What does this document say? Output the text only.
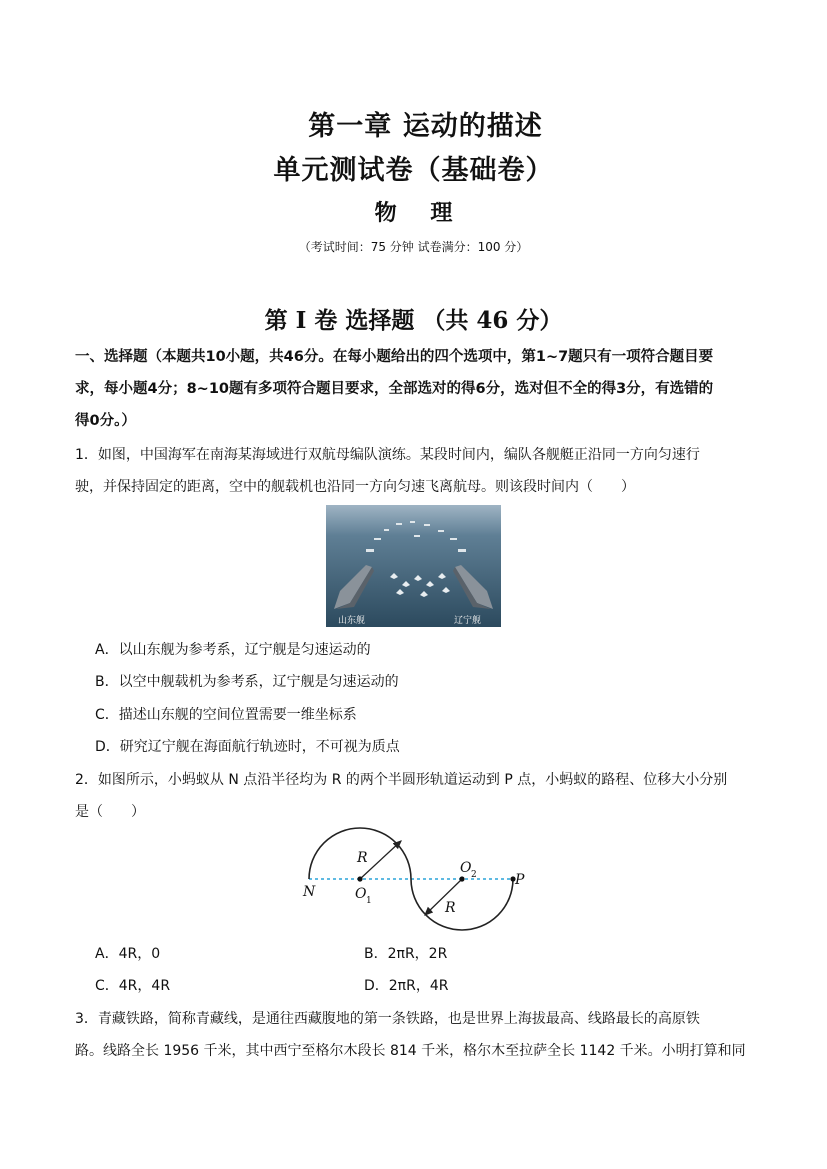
第一章 运动的描述
单元测试卷（基础卷）
物 理
（考试时间：75 分钟 试卷满分：100 分）
第 Ⅰ 卷 选择题 （共 46 分）
一、选择题（本题共10小题，共46分。在每小题给出的四个选项中，第1~7题只有一项符合题目要
求，每小题4分；8~10题有多项符合题目要求，全部选对的得6分，选对但不全的得3分，有选错的
得0分。）
1．如图，中国海军在南海某海域进行双航母编队演练。某段时间内，编队各舰艇正沿同一方向匀速行
驶，并保持固定的距离，空中的舰载机也沿同一方向匀速飞离航母。则该段时间内（　　）
山东舰	辽宁舰
A．以山东舰为参考系，辽宁舰是匀速运动的
B．以空中舰载机为参考系，辽宁舰是匀速运动的
C．描述山东舰的空间位置需要一维坐标系
D．研究辽宁舰在海面航行轨迹时，不可视为质点
2．如图所示，小蚂蚁从 N 点沿半径均为 R 的两个半圆形轨道运动到 P 点，小蚂蚁的路程、位移大小分别
是（　　）
N	O 1
O 2	P
R
R
A．4R，0	B．2πR，2R
C．4R，4R	D．2πR，4R
3．青藏铁路，简称青藏线，是通往西藏腹地的第一条铁路，也是世界上海拔最高、线路最长的高原铁
路。线路全长 1956 千米，其中西宁至格尔木段长 814 千米，格尔木至拉萨全长 1142 千米。小明打算和同
